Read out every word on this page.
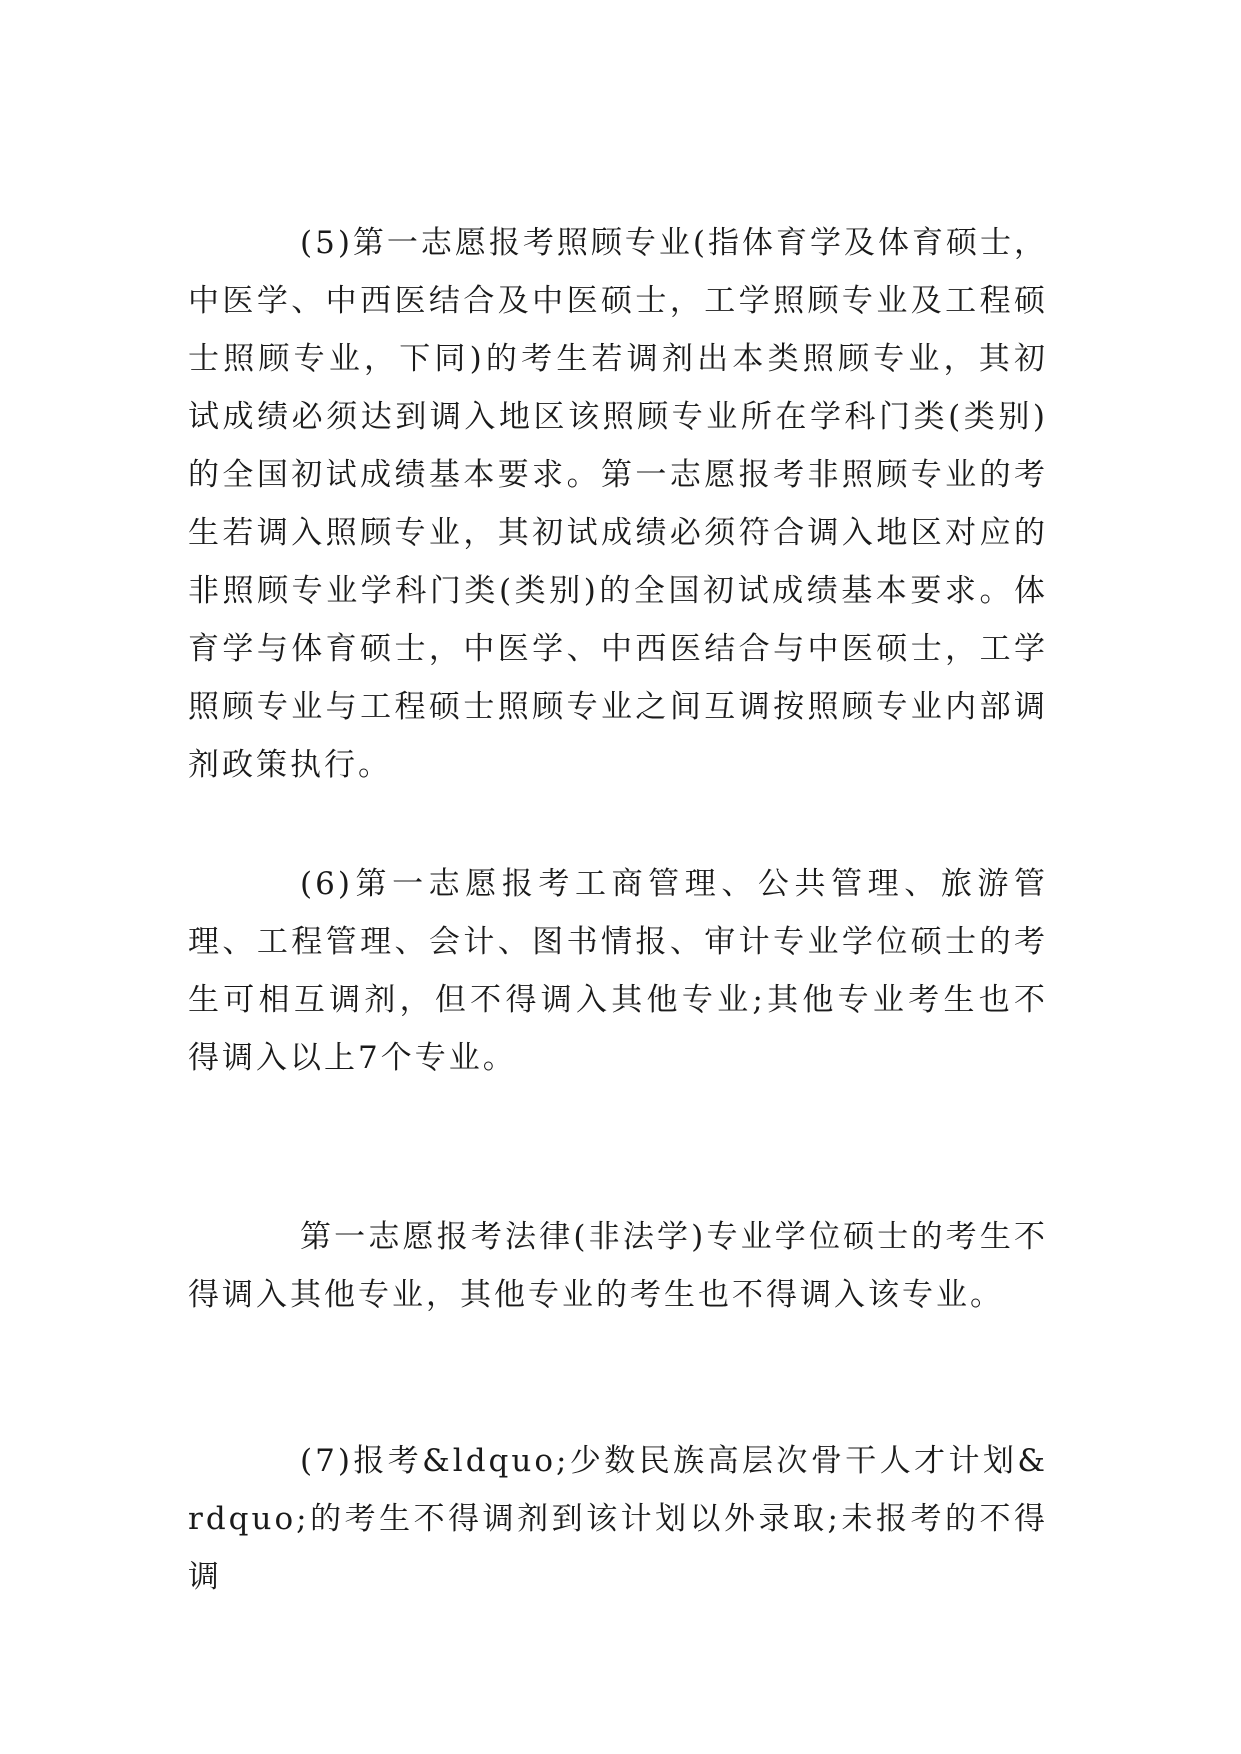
(5)第一志愿报考照顾专业(指体育学及体育硕士，中医学、中西医结合及中医硕士，工学照顾专业及工程硕士照顾专业，下同)的考生若调剂出本类照顾专业，其初试成绩必须达到调入地区该照顾专业所在学科门类(类别)的全国初试成绩基本要求。第一志愿报考非照顾专业的考生若调入照顾专业，其初试成绩必须符合调入地区对应的非照顾专业学科门类(类别)的全国初试成绩基本要求。体育学与体育硕士，中医学、中西医结合与中医硕士，工学照顾专业与工程硕士照顾专业之间互调按照顾专业内部调剂政策执行。

(6)第一志愿报考工商管理、公共管理、旅游管理、工程管理、会计、图书情报、审计专业学位硕士的考生可相互调剂，但不得调入其他专业;其他专业考生也不得调入以上7个专业。

第一志愿报考法律(非法学)专业学位硕士的考生不得调入其他专业，其他专业的考生也不得调入该专业。

(7)报考&ldquo;少数民族高层次骨干人才计划&rdquo;的考生不得调剂到该计划以外录取;未报考的不得调
